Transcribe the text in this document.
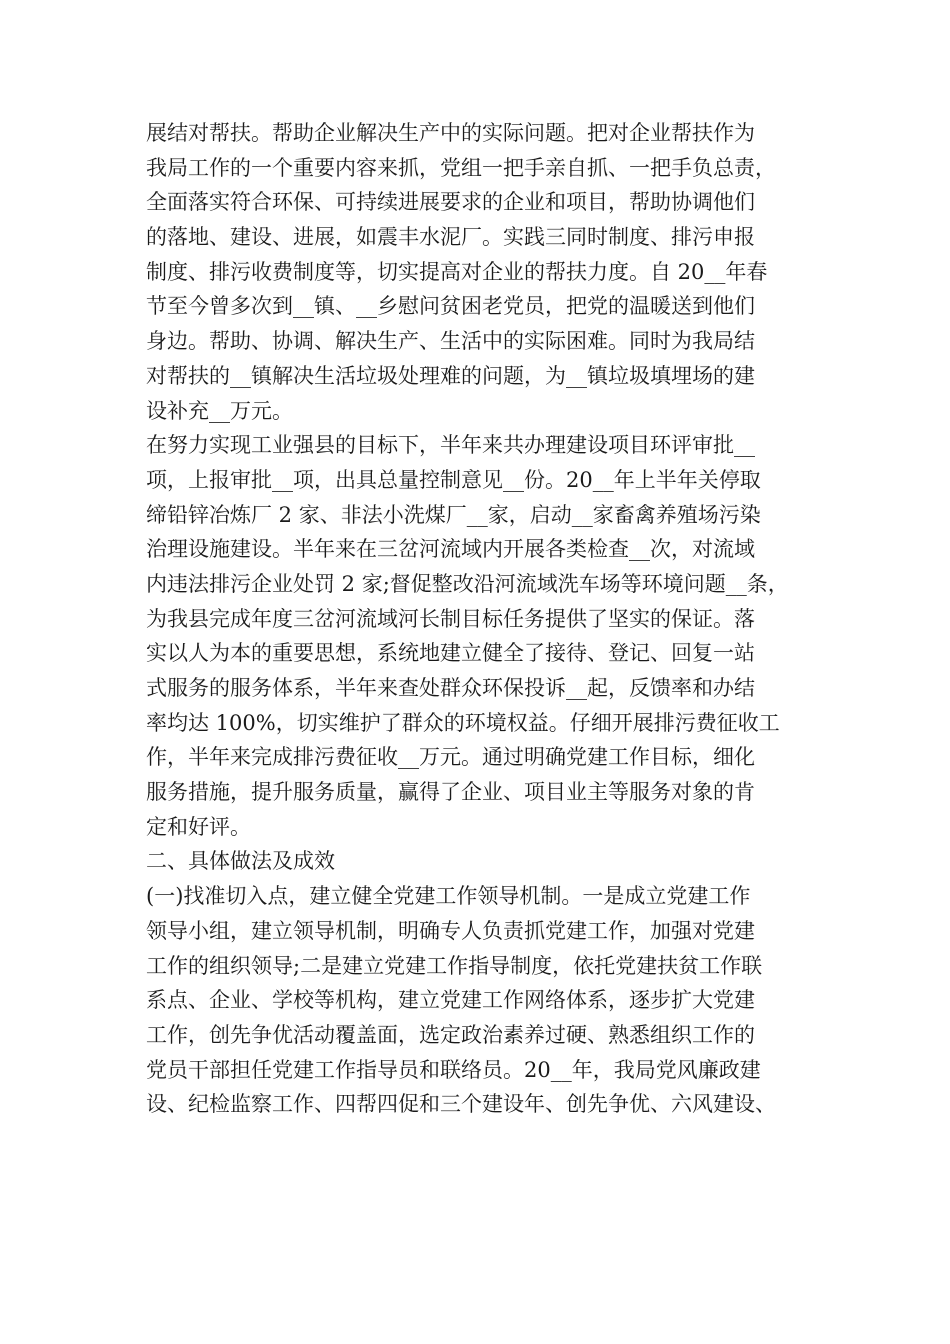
展结对帮扶。帮助企业解决生产中的实际问题。把对企业帮扶作为
我局工作的一个重要内容来抓，党组一把手亲自抓、一把手负总责，
全面落实符合环保、可持续进展要求的企业和项目，帮助协调他们
的落地、建设、进展，如震丰水泥厂。实践三同时制度、排污申报
制度、排污收费制度等，切实提高对企业的帮扶力度。自 20__年春
节至今曾多次到__镇、__乡慰问贫困老党员，把党的温暖送到他们
身边。帮助、协调、解决生产、生活中的实际困难。同时为我局结
对帮扶的__镇解决生活垃圾处理难的问题，为__镇垃圾填埋场的建
设补充__万元。
在努力实现工业强县的目标下，半年来共办理建设项目环评审批__
项，上报审批__项，出具总量控制意见__份。20__年上半年关停取
缔铅锌冶炼厂 2 家、非法小洗煤厂__家，启动__家畜禽养殖场污染
治理设施建设。半年来在三岔河流域内开展各类检查__次，对流域
内违法排污企业处罚 2 家;督促整改沿河流域洗车场等环境问题__条，
为我县完成年度三岔河流域河长制目标任务提供了坚实的保证。落
实以人为本的重要思想，系统地建立健全了接待、登记、回复一站
式服务的服务体系，半年来查处群众环保投诉__起，反馈率和办结
率均达 100%，切实维护了群众的环境权益。仔细开展排污费征收工
作，半年来完成排污费征收__万元。通过明确党建工作目标，细化
服务措施，提升服务质量，赢得了企业、项目业主等服务对象的肯
定和好评。
二、具体做法及成效
(一)找准切入点，建立健全党建工作领导机制。一是成立党建工作
领导小组，建立领导机制，明确专人负责抓党建工作，加强对党建
工作的组织领导;二是建立党建工作指导制度，依托党建扶贫工作联
系点、企业、学校等机构，建立党建工作网络体系，逐步扩大党建
工作，创先争优活动覆盖面，选定政治素养过硬、熟悉组织工作的
党员干部担任党建工作指导员和联络员。20__年，我局党风廉政建
设、纪检监察工作、四帮四促和三个建设年、创先争优、六风建设、
